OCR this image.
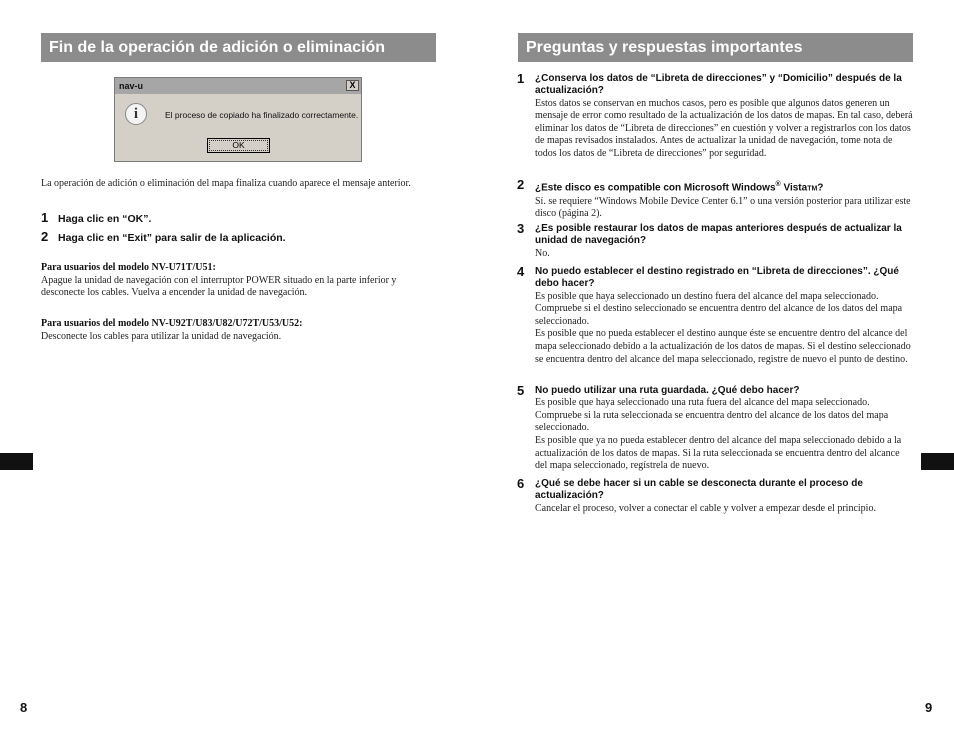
Fin de la operación de adición o eliminación
nav-u	X
i	El proceso de copiado ha finalizado correctamente.
OK
La operación de adición o eliminación del mapa finaliza cuando aparece el mensaje anterior.
1 Haga clic en “OK”.
2 Haga clic en “Exit” para salir de la aplicación.
Para usuarios del modelo NV-U71T/U51:
Apague la unidad de navegación con el interruptor POWER situado en la parte inferior y desconecte los cables. Vuelva a encender la unidad de navegación.
Para usuarios del modelo NV-U92T/U83/U82/U72T/U53/U52:
Desconecte los cables para utilizar la unidad de navegación.
8
Preguntas y respuestas importantes
1 ¿Conserva los datos de “Libreta de direcciones” y “Domicilio” después de la actualización?
Estos datos se conservan en muchos casos, pero es posible que algunos datos generen un mensaje de error como resultado de la actualización de los datos de mapas. En tal caso, deberá eliminar los datos de “Libreta de direcciones” en cuestión y volver a registrarlos con los datos de mapas revisados instalados. Antes de actualizar la unidad de navegación, tome nota de todos los datos de “Libreta de direcciones” por seguridad.
2 ¿Este disco es compatible con Microsoft Windows® VistaTM?
Sí. se requiere “Windows Mobile Device Center 6.1” o una versión posterior para utilizar este disco (página 2).
3 ¿Es posible restaurar los datos de mapas anteriores después de actualizar la unidad de navegación?
No.
4 No puedo establecer el destino registrado en “Libreta de direcciones”. ¿Qué debo hacer?
Es posible que haya seleccionado un destino fuera del alcance del mapa seleccionado. Compruebe si el destino seleccionado se encuentra dentro del alcance de los datos del mapa seleccionado.
Es posible que no pueda establecer el destino aunque éste se encuentre dentro del alcance del mapa seleccionado debido a la actualización de los datos de mapas. Si el destino seleccionado se encuentra dentro del alcance del mapa seleccionado, registre de nuevo el punto de destino.
5 No puedo utilizar una ruta guardada. ¿Qué debo hacer?
Es posible que haya seleccionado una ruta fuera del alcance del mapa seleccionado. Compruebe si la ruta seleccionada se encuentra dentro del alcance de los datos del mapa seleccionado.
Es posible que ya no pueda establecer dentro del alcance del mapa seleccionado debido a la actualización de los datos de mapas. Si la ruta seleccionada se encuentra dentro del alcance del mapa seleccionado, regístrela de nuevo.
6 ¿Qué se debe hacer si un cable se desconecta durante el proceso de actualización?
Cancelar el proceso, volver a conectar el cable y volver a empezar desde el principio.
9
